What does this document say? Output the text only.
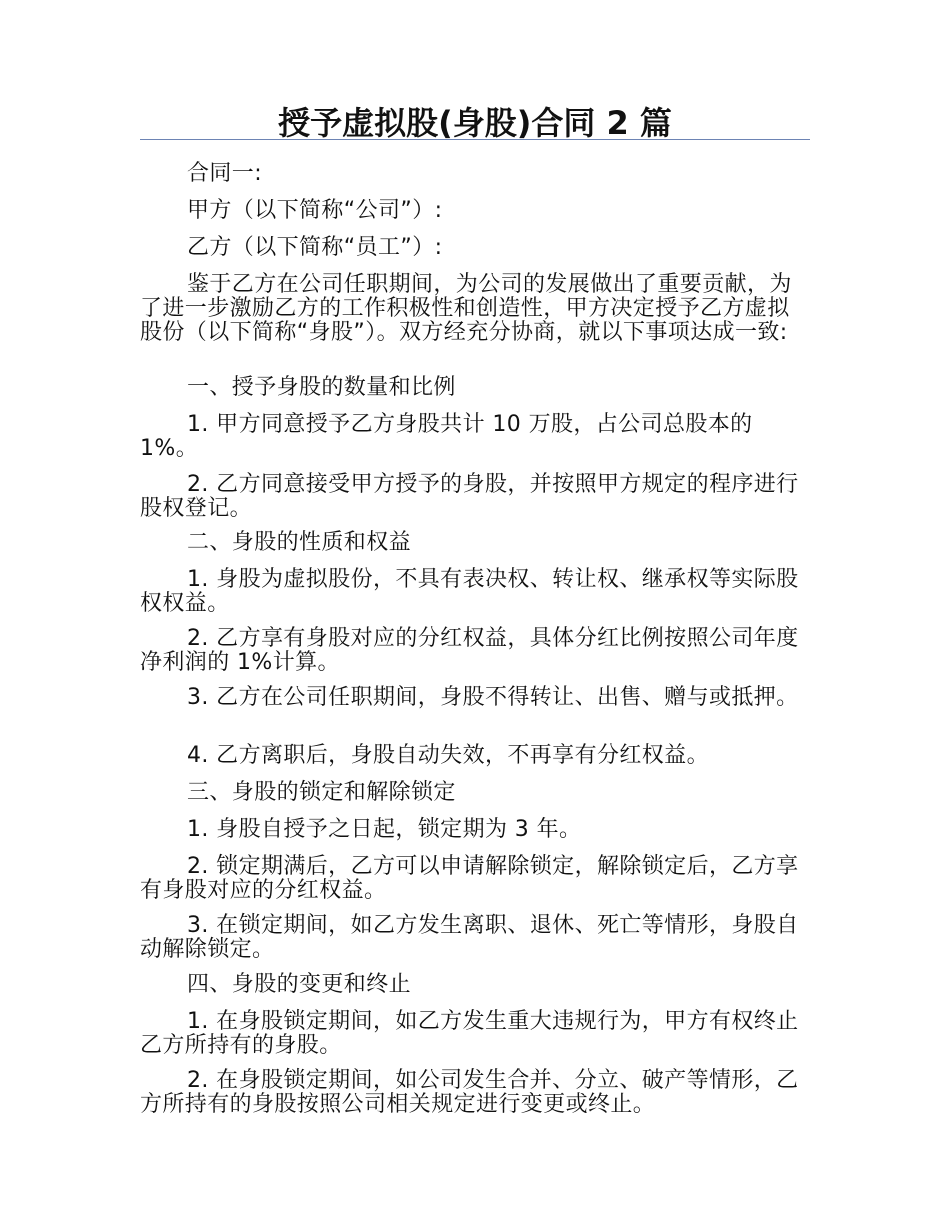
授予虚拟股(身股)合同 2 篇
合同一:
甲方（以下简称“公司”）:
乙方（以下简称“员工”）:
鉴于乙方在公司任职期间，为公司的发展做出了重要贡献，为了进一步激励乙方的工作积极性和创造性，甲方决定授予乙方虚拟股份（以下简称“身股”）。双方经充分协商，就以下事项达成一致:
一、授予身股的数量和比例
1. 甲方同意授予乙方身股共计 10 万股，占公司总股本的 1%。
2. 乙方同意接受甲方授予的身股，并按照甲方规定的程序进行股权登记。
二、身股的性质和权益
1. 身股为虚拟股份，不具有表决权、转让权、继承权等实际股权权益。
2. 乙方享有身股对应的分红权益，具体分红比例按照公司年度净利润的 1%计算。
3. 乙方在公司任职期间，身股不得转让、出售、赠与或抵押。
4. 乙方离职后，身股自动失效，不再享有分红权益。
三、身股的锁定和解除锁定
1. 身股自授予之日起，锁定期为 3 年。
2. 锁定期满后，乙方可以申请解除锁定，解除锁定后，乙方享有身股对应的分红权益。
3. 在锁定期间，如乙方发生离职、退休、死亡等情形，身股自动解除锁定。
四、身股的变更和终止
1. 在身股锁定期间，如乙方发生重大违规行为，甲方有权终止乙方所持有的身股。
2. 在身股锁定期间，如公司发生合并、分立、破产等情形，乙方所持有的身股按照公司相关规定进行变更或终止。
